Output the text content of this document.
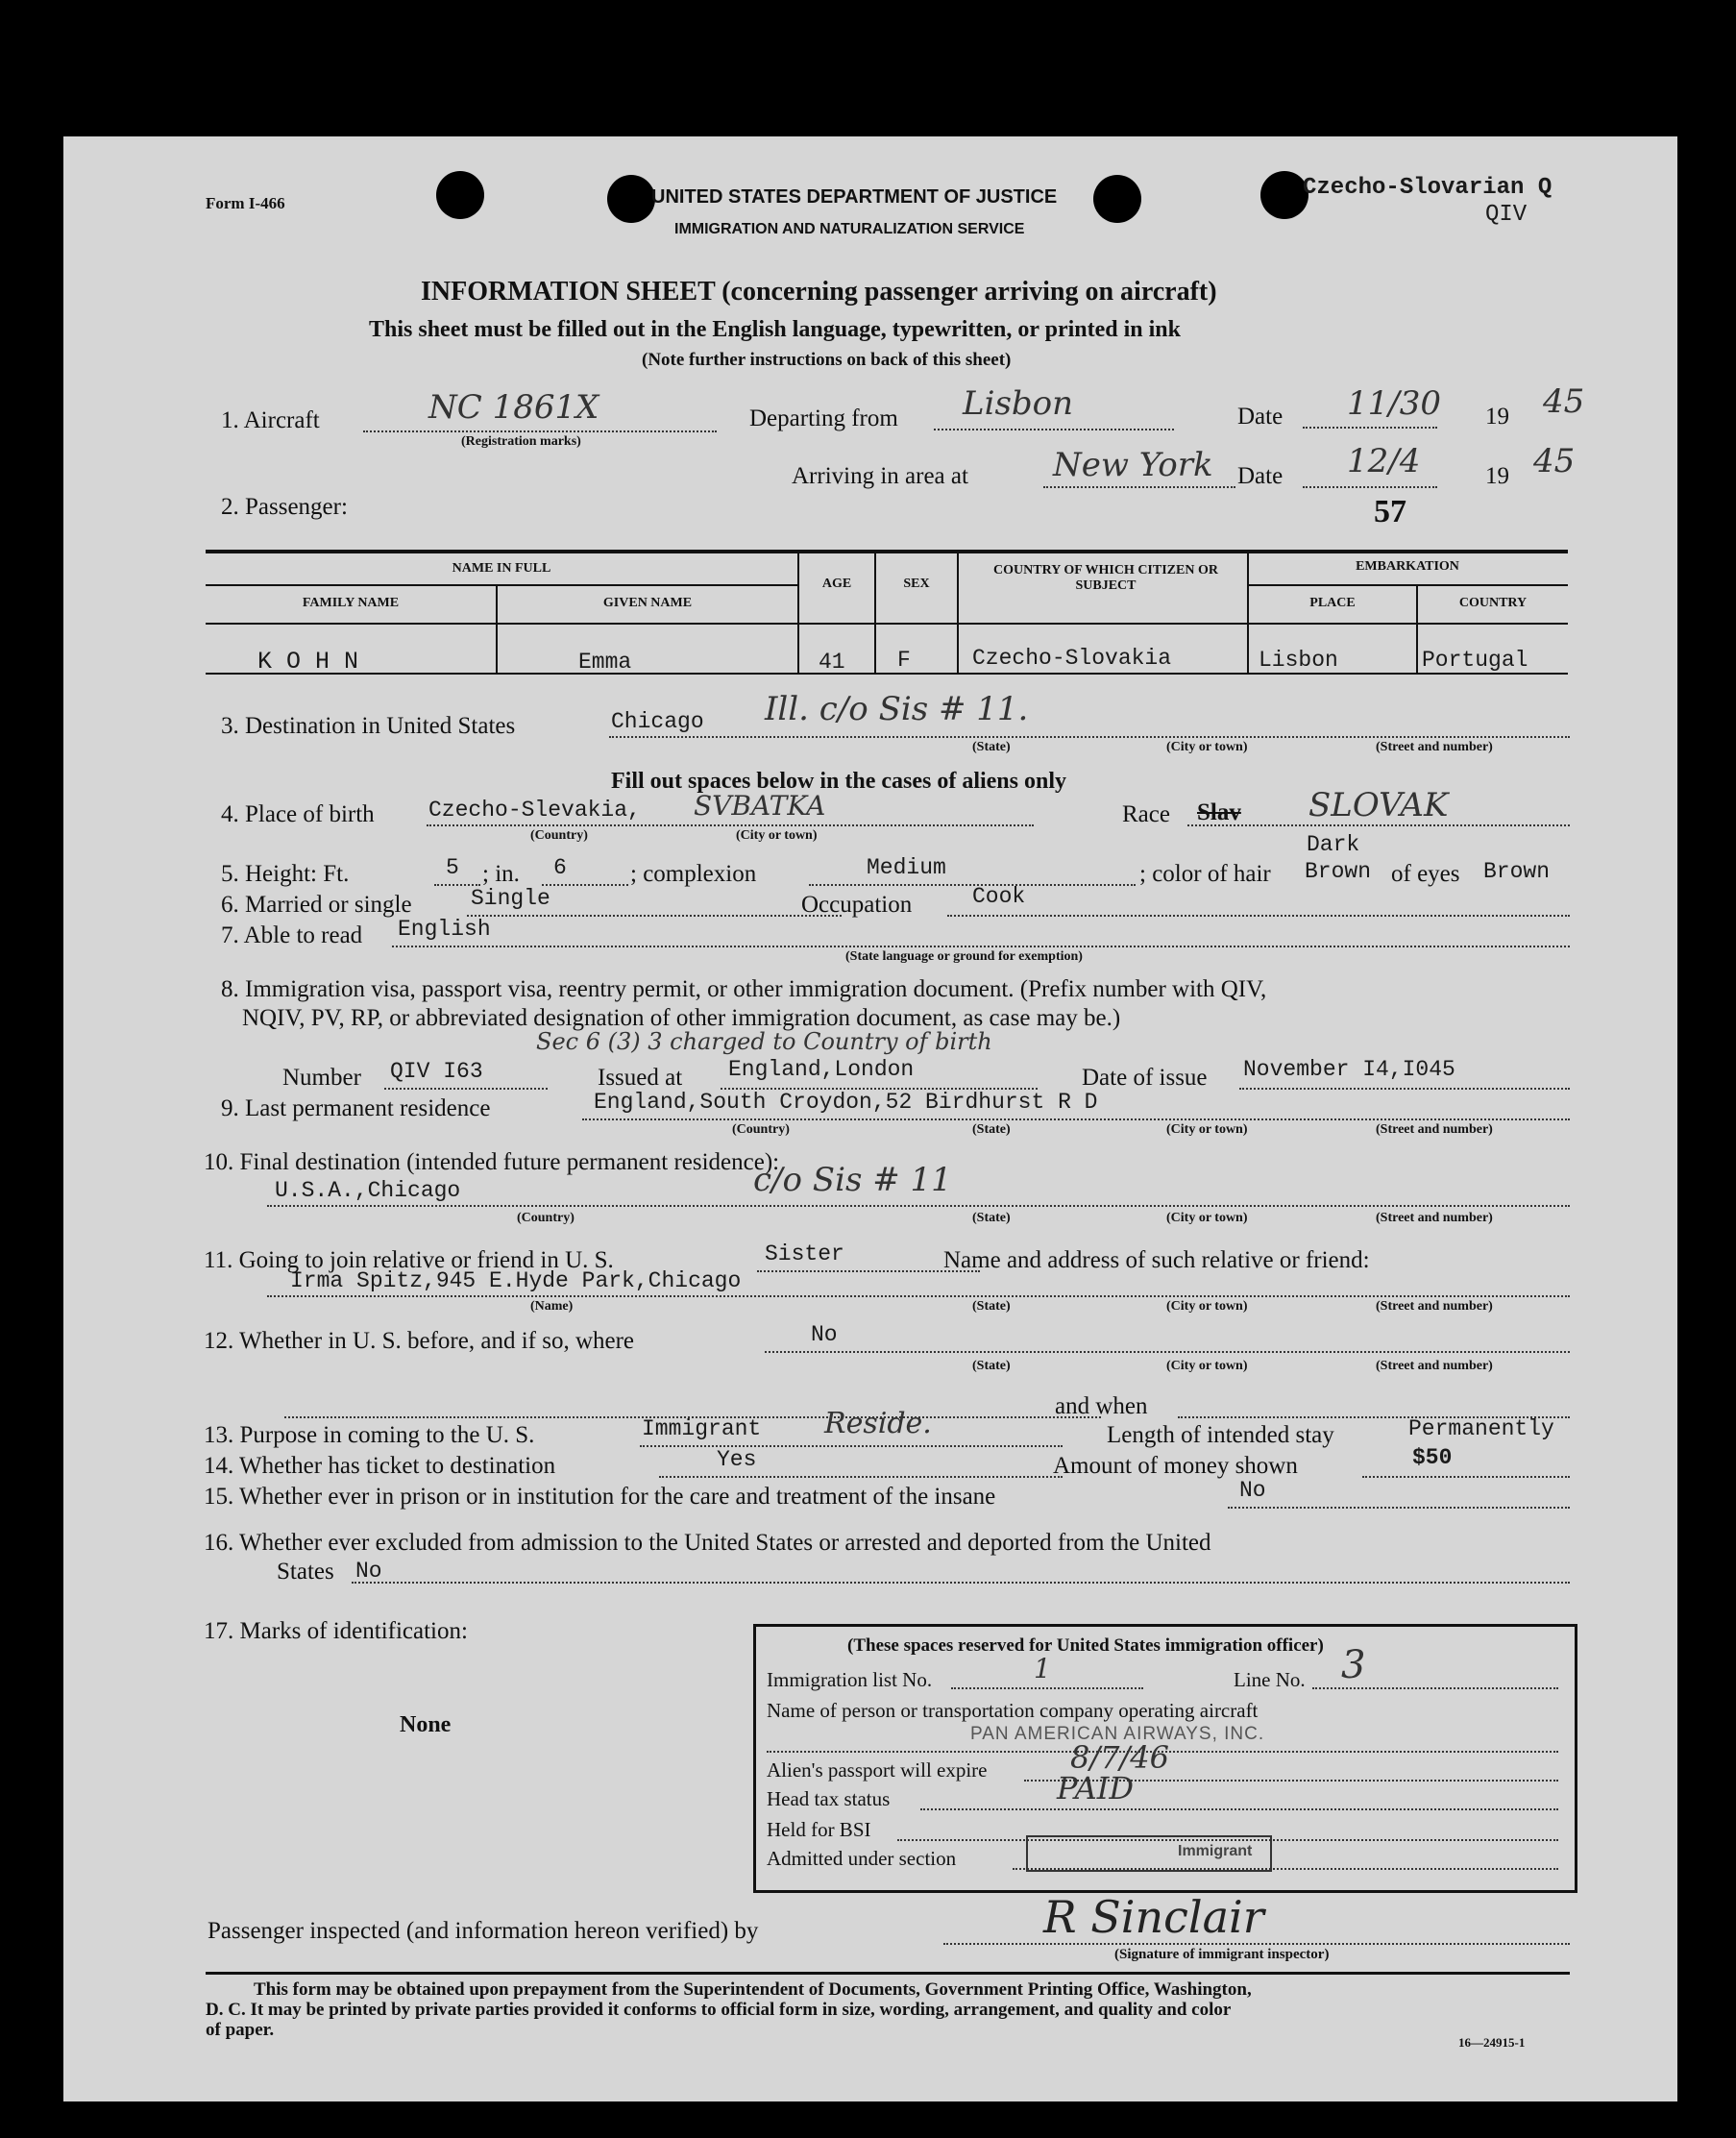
Form I-466	UNITED STATES DEPARTMENT OF JUSTICE
IMMIGRATION AND NATURALIZATION SERVICE
Czecho-Slovarian Q
QIV
INFORMATION SHEET (concerning passenger arriving on aircraft)
This sheet must be filled out in the English language, typewritten, or printed in ink
(Note further instructions on back of this sheet)
1. Aircraft	NC 1861X
(Registration marks)
Departing from Lisbon	Date 11/30 19 45
Arriving in area at	New York Date 12/4	19 45
57
2. Passenger:
NAME IN FULL
FAMILY NAME	GIVEN NAME
AGE	SEX
COUNTRY OF WHICH CITIZEN OR SUBJECT
EMBARKATION
PLACE	COUNTRY
K O H N	Emma	41 F	Czecho-Slovakia	Lisbon	Portugal
3. Destination in United States	Chicago Ill. c/o Sis # 11.
(State)	(City or town)	(Street and number)
Fill out spaces below in the cases of aliens only
4. Place of birth Czecho-Slevakia, SVBATKA
(Country)	(City or town)
Race Slav SLOVAK
Dark
5. Height: Ft.	5 ; in. 6	; complexion	Medium	; color of hair Brown of eyes Brown
6. Married or single	Single	Occupation	Cook
7. Able to read English
(State language or ground for exemption)
8. Immigration visa, passport visa, reentry permit, or other immigration document. (Prefix number with QIV,
NQIV, PV, RP, or abbreviated designation of other immigration document, as case may be.)
Sec 6 (3) 3 charged to Country of birth
Number QIV I63	Issued at England,London	Date of issue November I4,I045
9. Last permanent residence	England,South Croydon,52 Birdhurst R D
(Country)	(State)	(City or town)	(Street and number)
10. Final destination (intended future permanent residence):
U.S.A.,Chicago	c/o Sis # 11
(Country)	(State)	(City or town)	(Street and number)
11. Going to join relative or friend in U. S.	Sister	Name and address of such relative or friend:
Irma Spitz,945 E.Hyde Park,Chicago
(Name)	(State)	(City or town)	(Street and number)
12. Whether in U. S. before, and if so, where	No
(State)	(City or town)	(Street and number)
and when
13. Purpose in coming to the U. S.	Immigrant Reside.	Length of intended stay	Permanently
14. Whether has ticket to destination	Yes	Amount of money shown	$50
15. Whether ever in prison or in institution for the care and treatment of the insane	No
16. Whether ever excluded from admission to the United States or arrested and deported from the United
States No
17. Marks of identification:
None
(These spaces reserved for United States immigration officer)
Immigration list No.	1	Line No. 3
Name of person or transportation company operating aircraft
PAN AMERICAN AIRWAYS, INC.
Alien's passport will expire	8/7/46
Head tax status	PAID
Held for BSI
Admitted under section	Immigrant
Passenger inspected (and information hereon verified) by	R Sinclair
(Signature of immigrant inspector)
This form may be obtained upon prepayment from the Superintendent of Documents, Government Printing Office, Washington,
D. C. It may be printed by private parties provided it conforms to official form in size, wording, arrangement, and quality and color
of paper.
16—24915-1
